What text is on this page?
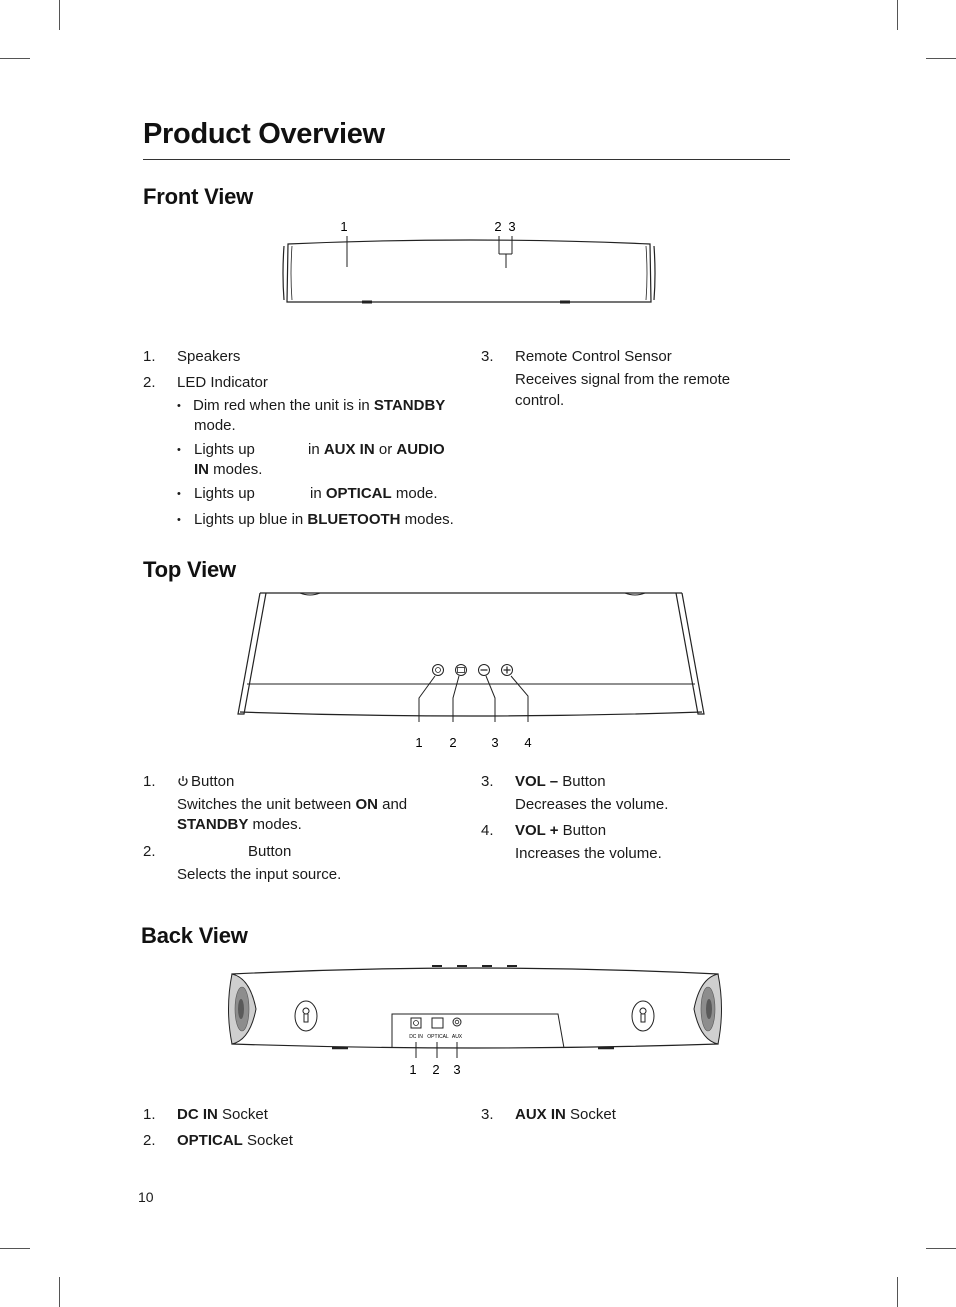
Product Overview
Front View
1	2 3
1. Speakers
2. LED Indicator
• Dim red when the unit is in STANDBY
mode.
• Lights up	in AUX IN or AUDIO
IN modes.
• Lights up	in OPTICAL mode.
• Lights up blue in BLUETOOTH modes.
3. Remote Control Sensor
Receives signal from the remote
control.
Top View
1 2	3 4
1. Button
Switches the unit between ON and
STANDBY modes.
2.	Button
Selects the input source.
3. VOL – Button
Decreases the volume.
4. VOL + Button
Increases the volume.
Back View
DC IN OPTICAL AUX
1 2 3
1. DC IN Socket
2. OPTICAL Socket
3. AUX IN Socket
10
